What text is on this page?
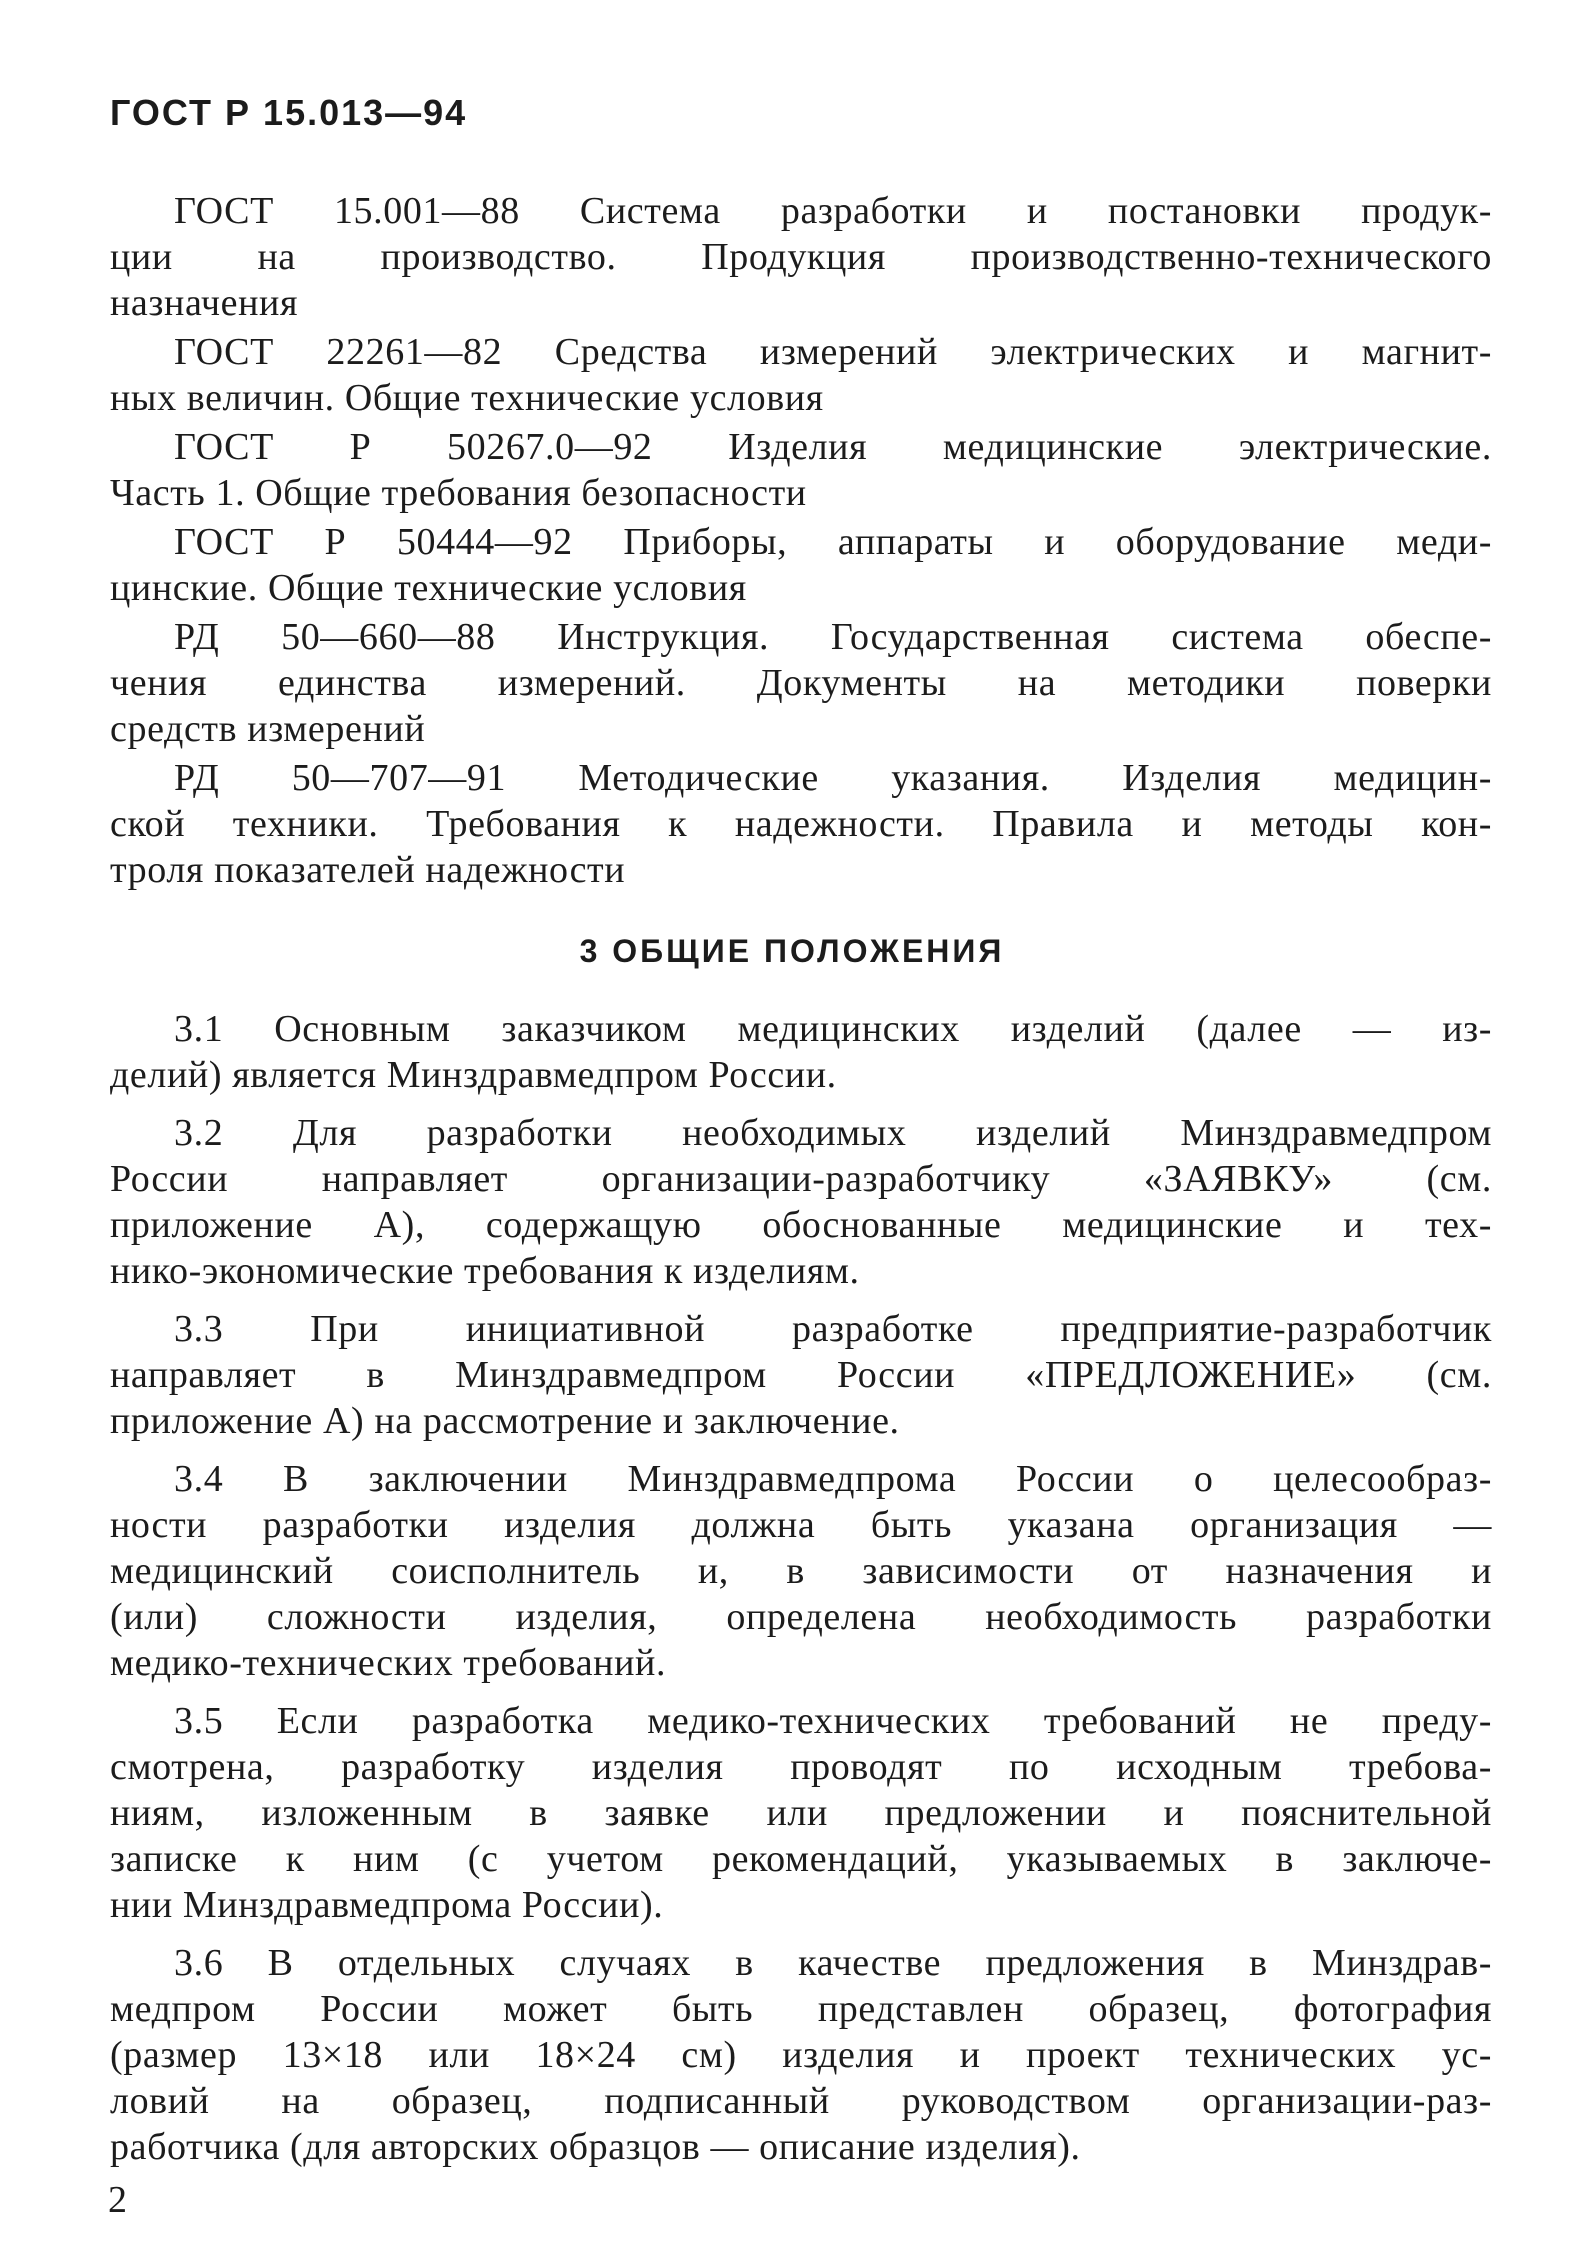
ГОСТ Р 15.013—94
ГОСТ 15.001—88 Система разработки и постановки продук-
ции на производство. Продукция производственно-технического
назначения
ГОСТ 22261—82 Средства измерений электрических и магнит-
ных величин. Общие технические условия
ГОСТ Р 50267.0—92 Изделия медицинские электрические.
Часть 1. Общие требования безопасности
ГОСТ Р 50444—92 Приборы, аппараты и оборудование меди-
цинские. Общие технические условия
РД 50—660—88 Инструкция. Государственная система обеспе-
чения единства измерений. Документы на методики поверки
средств измерений
РД 50—707—91 Методические указания. Изделия медицин-
ской техники. Требования к надежности. Правила и методы кон-
троля показателей надежности
3 ОБЩИЕ ПОЛОЖЕНИЯ
3.1 Основным заказчиком медицинских изделий (далее — из-
делий) является Минздравмедпром России.
3.2 Для разработки необходимых изделий Минздравмедпром
России направляет организации-разработчику «ЗАЯВКУ» (см.
приложение А), содержащую обоснованные медицинские и тех-
нико-экономические требования к изделиям.
3.3 При инициативной разработке предприятие-разработчик
направляет в Минздравмедпром России «ПРЕДЛОЖЕНИЕ» (см.
приложение А) на рассмотрение и заключение.
3.4 В заключении Минздравмедпрома России о целесообраз-
ности разработки изделия должна быть указана организация —
медицинский соисполнитель и, в зависимости от назначения и
(или) сложности изделия, определена необходимость разработки
медико-технических требований.
3.5 Если разработка медико-технических требований не преду-
смотрена, разработку изделия проводят по исходным требова-
ниям, изложенным в заявке или предложении и пояснительной
записке к ним (с учетом рекомендаций, указываемых в заключе-
нии Минздравмедпрома России).
3.6 В отдельных случаях в качестве предложения в Минздрав-
медпром России может быть представлен образец, фотография
(размер 13×18 или 18×24 см) изделия и проект технических ус-
ловий на образец, подписанный руководством организации-раз-
работчика (для авторских образцов — описание изделия).
2
